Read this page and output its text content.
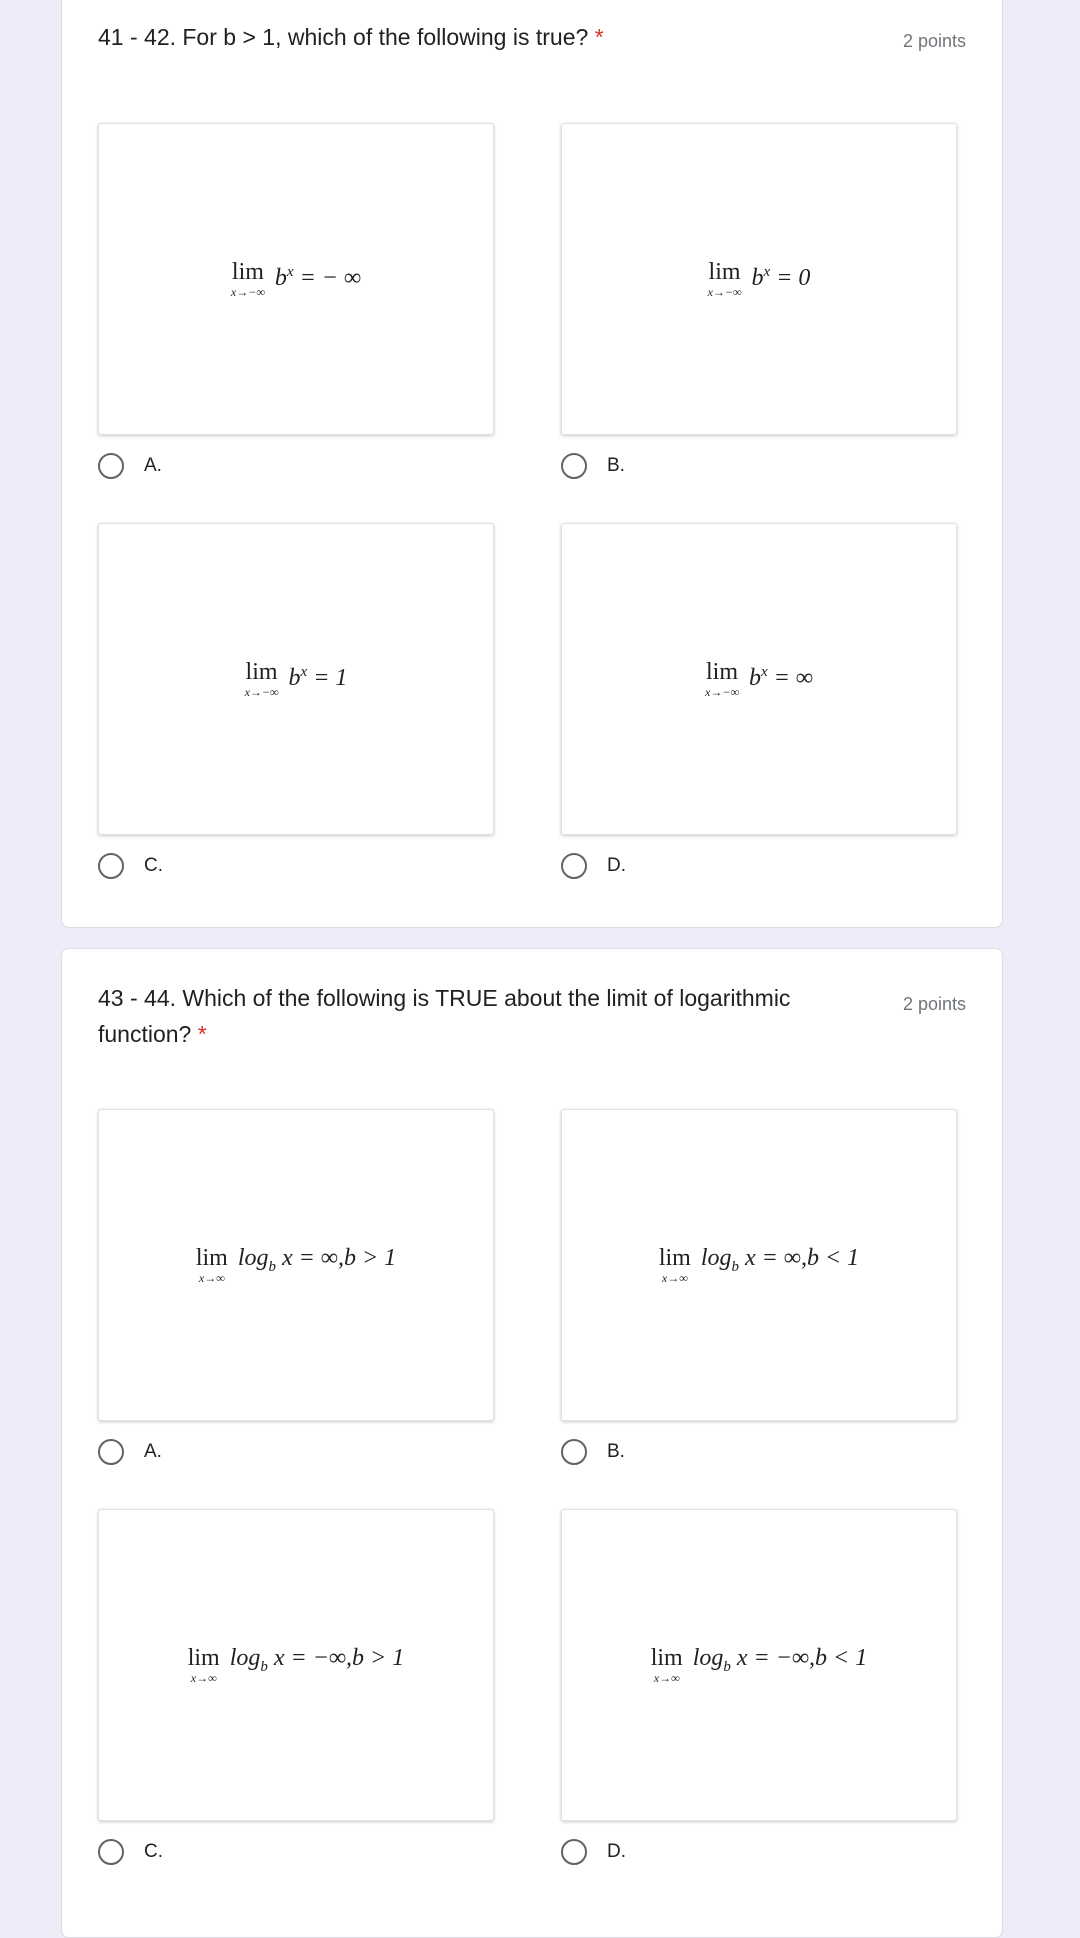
41 - 42. For b > 1, which of the following is true? *	2 points
lim
x→−∞
$b^x$ = − ∞
A.
lim
x→−∞
$b^x = 0$
B.
lim
x→−∞
$b^x = 1$
C.
lim
x→−∞
$b^x$ = ∞
D.
43 - 44. Which of the following is TRUE about the limit of logarithmic function? *
2 points
lim
x→∞
$\log_b x = \infty,b > 1$
A.
lim
x→∞
$\log_b x = \infty,b < 1$
B.
lim
x→∞
$\log_b x = -\infty,b > 1$
C.
lim
x→∞
$\log_b x = -\infty,b < 1$
D.
